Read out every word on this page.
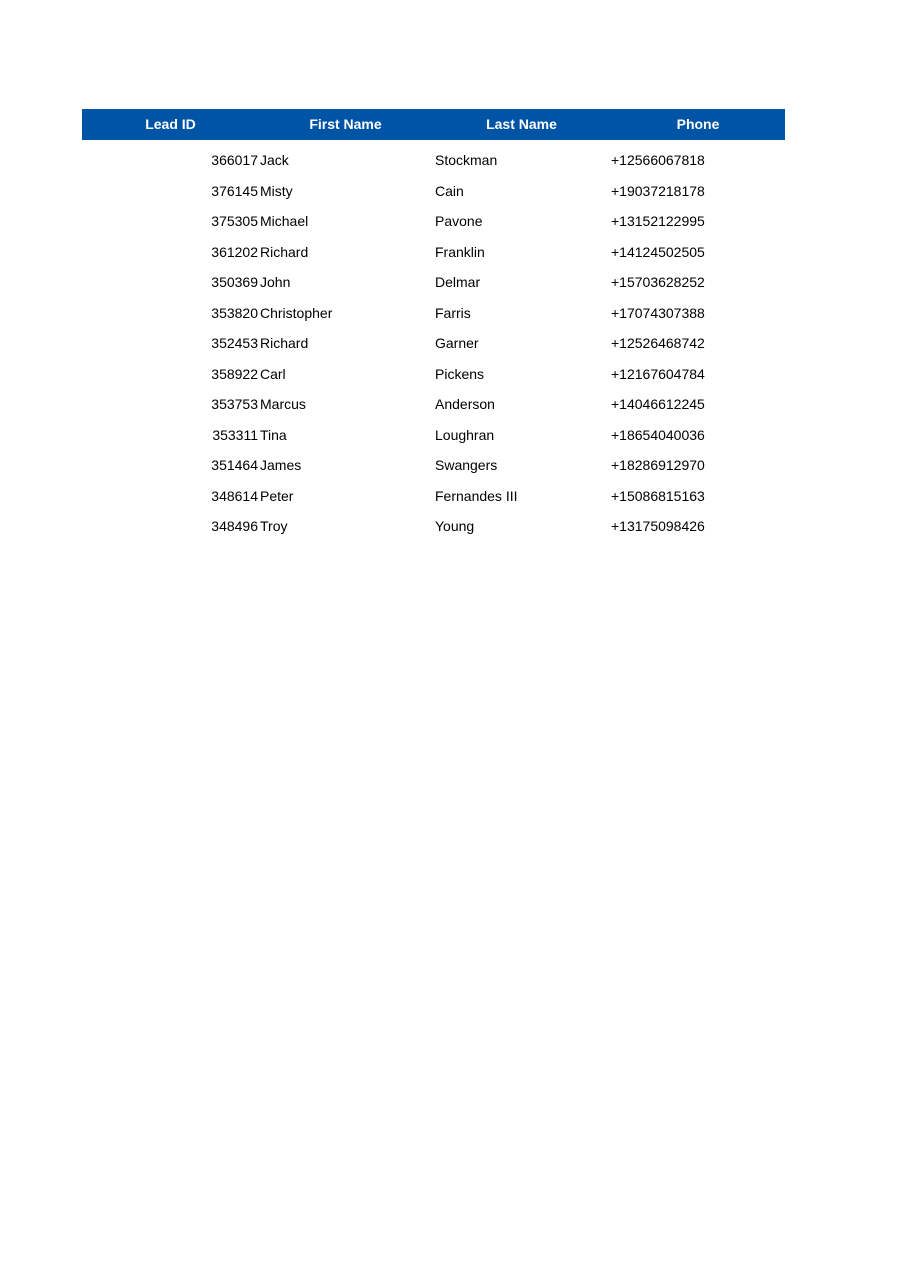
Lead ID	First Name	Last Name	Phone
366017 Jack	Stockman	+12566067818
376145 Misty	Cain	+19037218178
375305 Michael	Pavone	+13152122995
361202 Richard	Franklin	+14124502505
350369 John	Delmar	+15703628252
353820 Christopher	Farris	+17074307388
352453 Richard	Garner	+12526468742
358922 Carl	Pickens	+12167604784
353753 Marcus	Anderson	+14046612245
353311 Tina	Loughran	+18654040036
351464 James	Swangers	+18286912970
348614 Peter	Fernandes III	+15086815163
348496 Troy	Young	+13175098426
